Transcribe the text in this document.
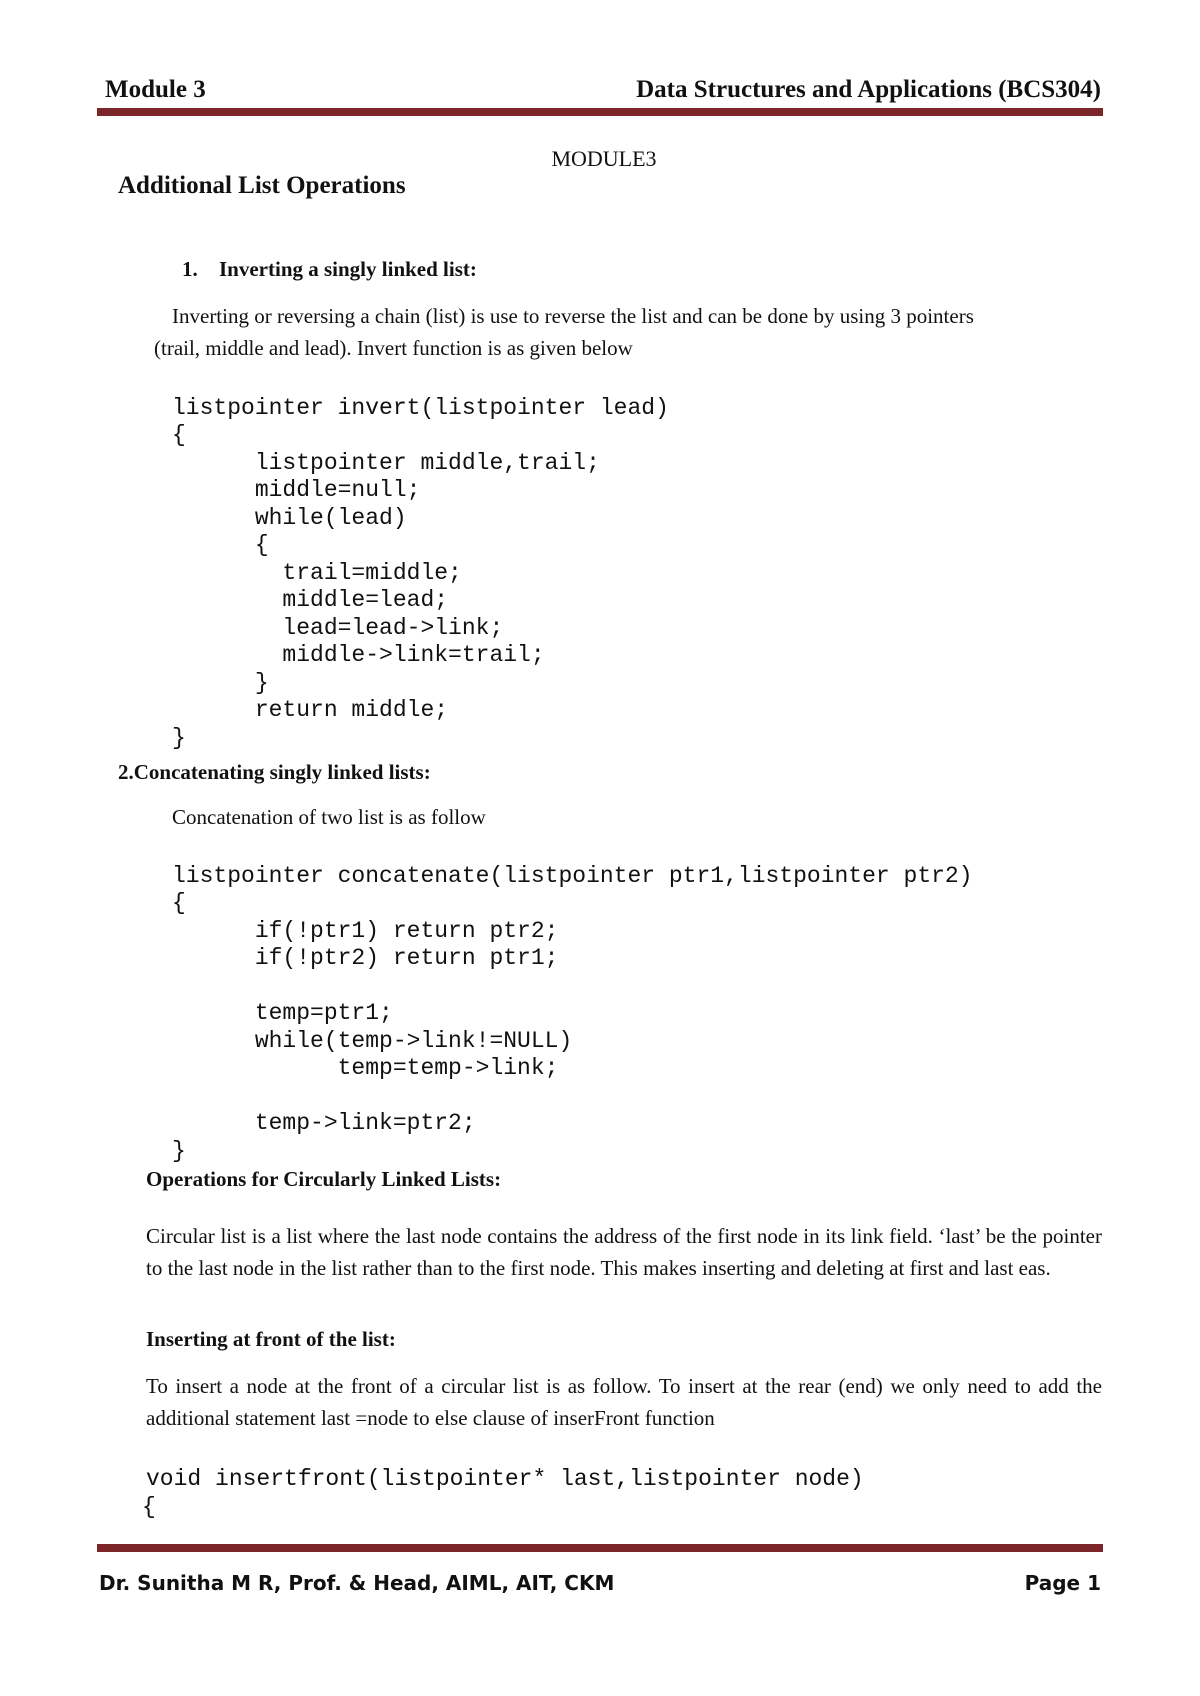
Module 3	Data Structures and Applications (BCS304)
MODULE3
Additional List Operations
1. Inverting a singly linked list:
Inverting or reversing a chain (list) is use to reverse the list and can be done by using 3 pointers
(trail, middle and lead). Invert function is as given below

listpointer invert(listpointer lead)
{
listpointer middle,trail;
middle=null;
while(lead)
{
trail=middle;
middle=lead;
lead=lead->link;
middle->link=trail;
}
return middle;
}

2.Concatenating singly linked lists:
Concatenation of two list is as follow

listpointer concatenate(listpointer ptr1,listpointer ptr2)
{
if(!ptr1) return ptr2;
if(!ptr2) return ptr1;
temp=ptr1;
while(temp->link!=NULL)
temp=temp->link;
temp->link=ptr2;
}

Operations for Circularly Linked Lists:
Circular list is a list where the last node contains the address of the first node in its link field. ‘last’ be the pointer to the last node in the list rather than to the first node. This makes inserting and deleting at first and last eas.
Inserting at front of the list:
To insert a node at the front of a circular list is as follow. To insert at the rear (end) we only need to add the additional statement last =node to else clause of inserFront function

void insertfront(listpointer* last,listpointer node)
{

Dr. Sunitha M R, Prof. & Head, AIML, AIT, CKM	Page 1
